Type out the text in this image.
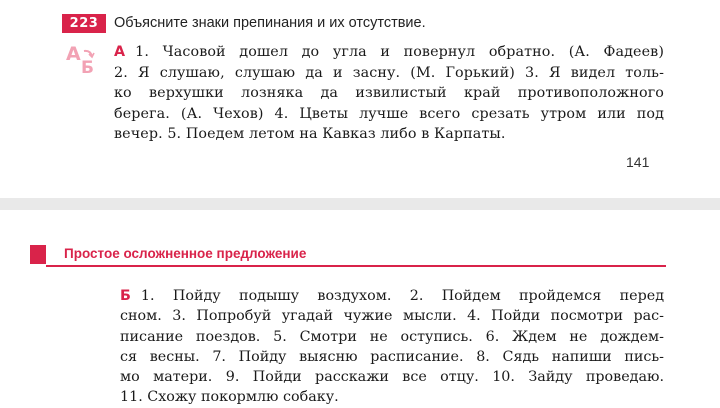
223	Объясните знаки препинания и их отсутствие.
А
Б
А 1. Часовой дошел до угла и повернул обратно. (А. Фадеев)
2. Я слушаю, слушаю да и засну. (М. Горький) 3. Я видел толь-
ко верхушки лозняка да извилистый край противоположного
берега. (А. Чехов) 4. Цветы лучше всего срезать утром или под
вечер. 5. Поедем летом на Кавказ либо в Карпаты.
141
Простое осложненное предложение
Б 1. Пойду подышу воздухом. 2. Пойдем пройдемся перед
сном. 3. Попробуй угадай чужие мысли. 4. Пойди посмотри рас-
писание поездов. 5. Смотри не оступись. 6. Ждем не дождем-
ся весны. 7. Пойду выясню расписание. 8. Сядь напиши пись-
мо матери. 9. Пойди расскажи все отцу. 10. Зайду проведаю.
11. Схожу покормлю собаку.
